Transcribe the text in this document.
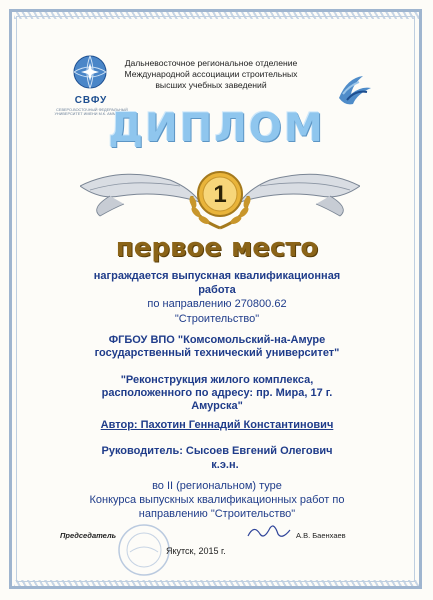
СВФУ
СЕВЕРО-ВОСТОЧНЫЙ ФЕДЕРАЛЬНЫЙ УНИВЕРСИТЕТ ИМЕНИ М.К. АММОСОВА
Дальневосточное региональное отделение
Международной ассоциации строительных
высших учебных заведений
ДИПЛОМ
1
первое место
награждается выпускная квалификационная
работа
по направлению 270800.62
"Строительство"
ФГБОУ ВПО "Комсомольский-на-Амуре
государственный технический университет"
"Реконструкция жилого комплекса,
расположенного по адресу: пр. Мира, 17 г.
Амурска"
Автор: Пахотин Геннадий Константинович
Руководитель: Сысоев Евгений Олегович
к.э.н.
во II (региональном) туре
Конкурса выпускных квалификационных работ по
направлению "Строительство"
Председатель	А.В. Баенхаев
Якутск, 2015 г.
